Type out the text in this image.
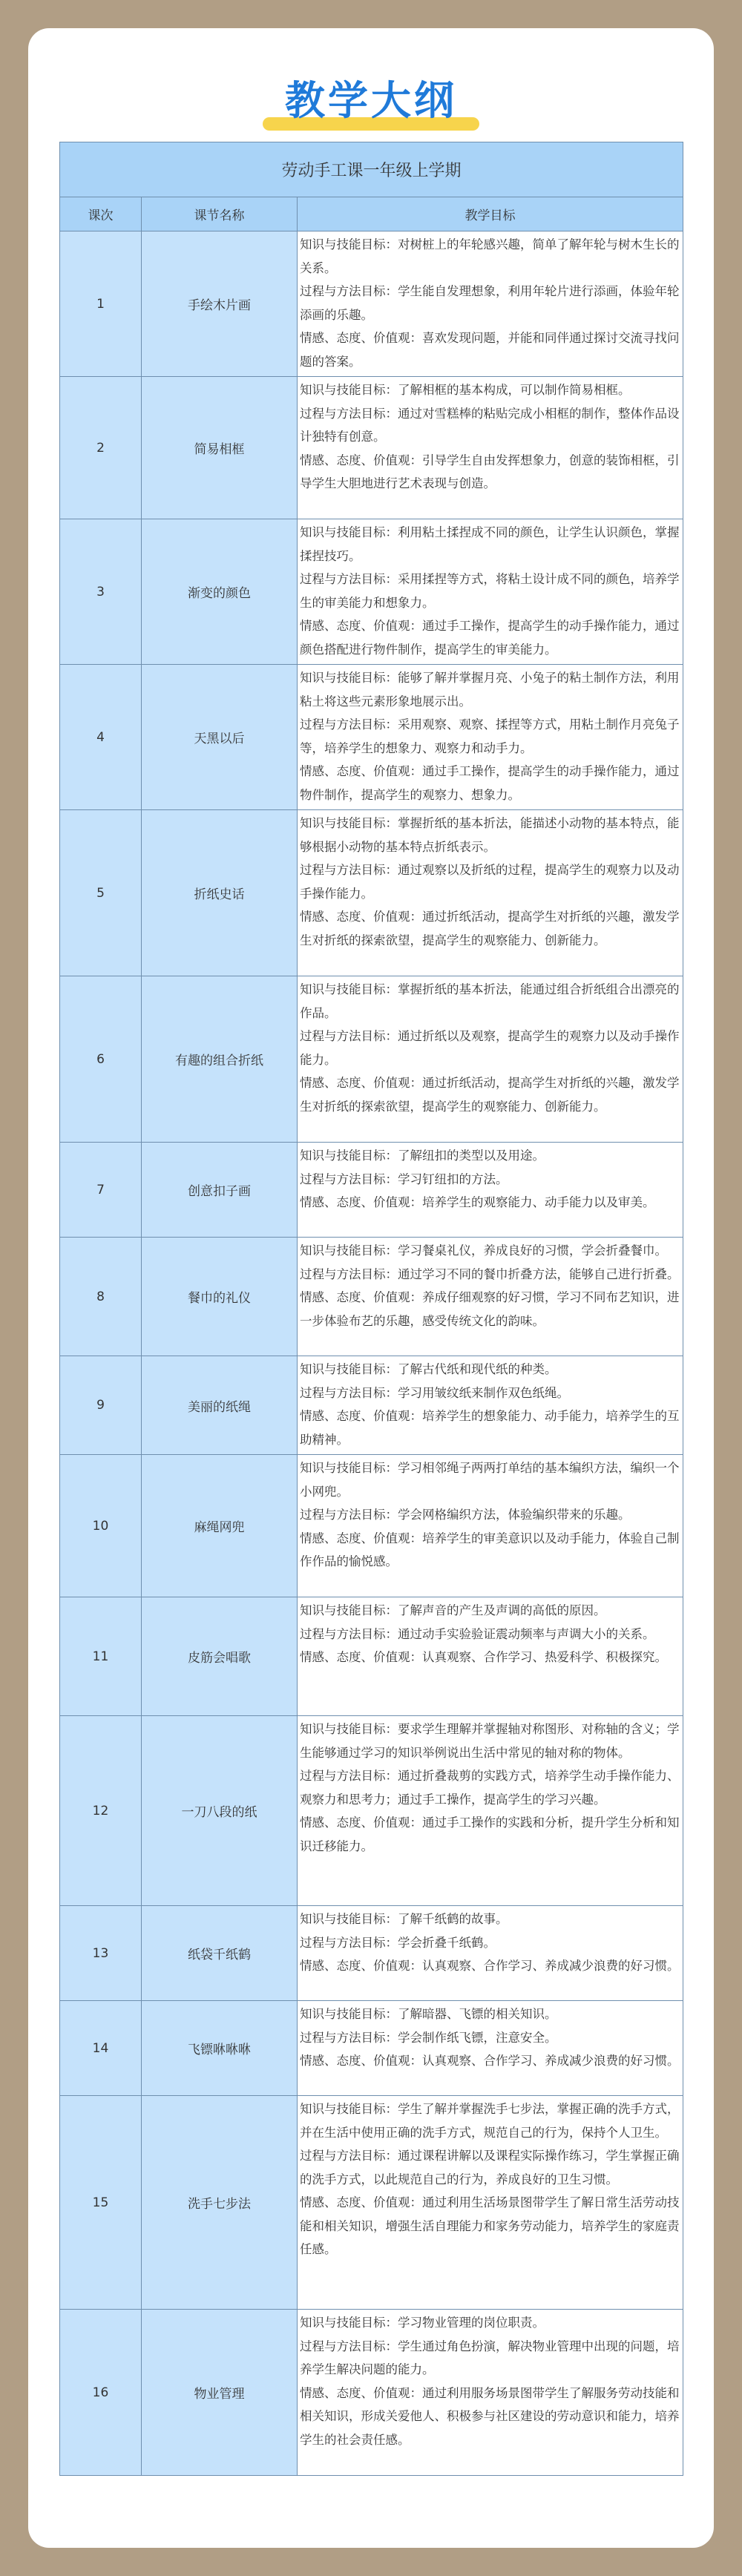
教学大纲
劳动手工课一年级上学期		
课次	课节名称	教学目标
1	手绘木片画	知识与技能目标：对树桩上的年轮感兴趣，简单了解年轮与树木生长的关系。
过程与方法目标：学生能自发理想象，利用年轮片进行添画，体验年轮添画的乐趣。
情感、态度、价值观：喜欢发现问题，并能和同伴通过探讨交流寻找问题的答案。

2	简易相框	知识与技能目标：了解相框的基本构成，可以制作简易相框。
过程与方法目标：通过对雪糕棒的粘贴完成小相框的制作，整体作品设计独特有创意。
情感、态度、价值观：引导学生自由发挥想象力，创意的装饰相框，引导学生大胆地进行艺术表现与创造。

3	渐变的颜色	知识与技能目标：利用粘土揉捏成不同的颜色，让学生认识颜色，掌握揉捏技巧。
过程与方法目标：采用揉捏等方式，将粘土设计成不同的颜色，培养学生的审美能力和想象力。
情感、态度、价值观：通过手工操作，提高学生的动手操作能力，通过颜色搭配进行物件制作，提高学生的审美能力。

4	天黑以后	知识与技能目标：能够了解并掌握月亮、小兔子的粘土制作方法，利用粘土将这些元素形象地展示出。
过程与方法目标：采用观察、观察、揉捏等方式，用粘土制作月亮兔子等，培养学生的想象力、观察力和动手力。
情感、态度、价值观：通过手工操作，提高学生的动手操作能力，通过物件制作，提高学生的观察力、想象力。

5	折纸史话	知识与技能目标：掌握折纸的基本折法，能描述小动物的基本特点，能够根据小动物的基本特点折纸表示。
过程与方法目标：通过观察以及折纸的过程，提高学生的观察力以及动手操作能力。
情感、态度、价值观：通过折纸活动，提高学生对折纸的兴趣，激发学生对折纸的探索欲望，提高学生的观察能力、创新能力。

6	有趣的组合折纸	知识与技能目标：掌握折纸的基本折法，能通过组合折纸组合出漂亮的作品。
过程与方法目标：通过折纸以及观察，提高学生的观察力以及动手操作能力。
情感、态度、价值观：通过折纸活动，提高学生对折纸的兴趣，激发学生对折纸的探索欲望，提高学生的观察能力、创新能力。

7	创意扣子画	知识与技能目标：了解纽扣的类型以及用途。
过程与方法目标：学习钉纽扣的方法。
情感、态度、价值观：培养学生的观察能力、动手能力以及审美。

8	餐巾的礼仪	知识与技能目标：学习餐桌礼仪，养成良好的习惯，学会折叠餐巾。
过程与方法目标：通过学习不同的餐巾折叠方法，能够自己进行折叠。
情感、态度、价值观：养成仔细观察的好习惯，学习不同布艺知识，进一步体验布艺的乐趣，感受传统文化的韵味。

9	美丽的纸绳	知识与技能目标：了解古代纸和现代纸的种类。
过程与方法目标：学习用皱纹纸来制作双色纸绳。
情感、态度、价值观：培养学生的想象能力、动手能力，培养学生的互助精神。

10	麻绳网兜	知识与技能目标：学习相邻绳子两两打单结的基本编织方法，编织一个小网兜。
过程与方法目标：学会网格编织方法，体验编织带来的乐趣。
情感、态度、价值观：培养学生的审美意识以及动手能力，体验自己制作作品的愉悦感。

11	皮筋会唱歌	知识与技能目标：了解声音的产生及声调的高低的原因。
过程与方法目标：通过动手实验验证震动频率与声调大小的关系。
情感、态度、价值观：认真观察、合作学习、热爱科学、积极探究。

12	一刀八段的纸	知识与技能目标：要求学生理解并掌握轴对称图形、对称轴的含义；学生能够通过学习的知识举例说出生活中常见的轴对称的物体。
过程与方法目标：通过折叠裁剪的实践方式，培养学生动手操作能力、观察力和思考力；通过手工操作，提高学生的学习兴趣。
情感、态度、价值观：通过手工操作的实践和分析，提升学生分析和知识迁移能力。

13	纸袋千纸鹤	知识与技能目标：了解千纸鹤的故事。
过程与方法目标：学会折叠千纸鹤。
情感、态度、价值观：认真观察、合作学习、养成减少浪费的好习惯。

14	飞镖咻咻咻	知识与技能目标：了解暗器、飞镖的相关知识。
过程与方法目标：学会制作纸飞镖，注意安全。
情感、态度、价值观：认真观察、合作学习、养成减少浪费的好习惯。

15	洗手七步法	知识与技能目标：学生了解并掌握洗手七步法，掌握正确的洗手方式，并在生活中使用正确的洗手方式，规范自己的行为，保持个人卫生。
过程与方法目标：通过课程讲解以及课程实际操作练习，学生掌握正确的洗手方式，以此规范自己的行为，养成良好的卫生习惯。
情感、态度、价值观：通过利用生活场景图带学生了解日常生活劳动技能和相关知识，增强生活自理能力和家务劳动能力，培养学生的家庭责任感。

16	物业管理	知识与技能目标：学习物业管理的岗位职责。
过程与方法目标：学生通过角色扮演，解决物业管理中出现的问题，培养学生解决问题的能力。
情感、态度、价值观：通过利用服务场景图带学生了解服务劳动技能和相关知识，形成关爱他人、积极参与社区建设的劳动意识和能力，培养学生的社会责任感。
